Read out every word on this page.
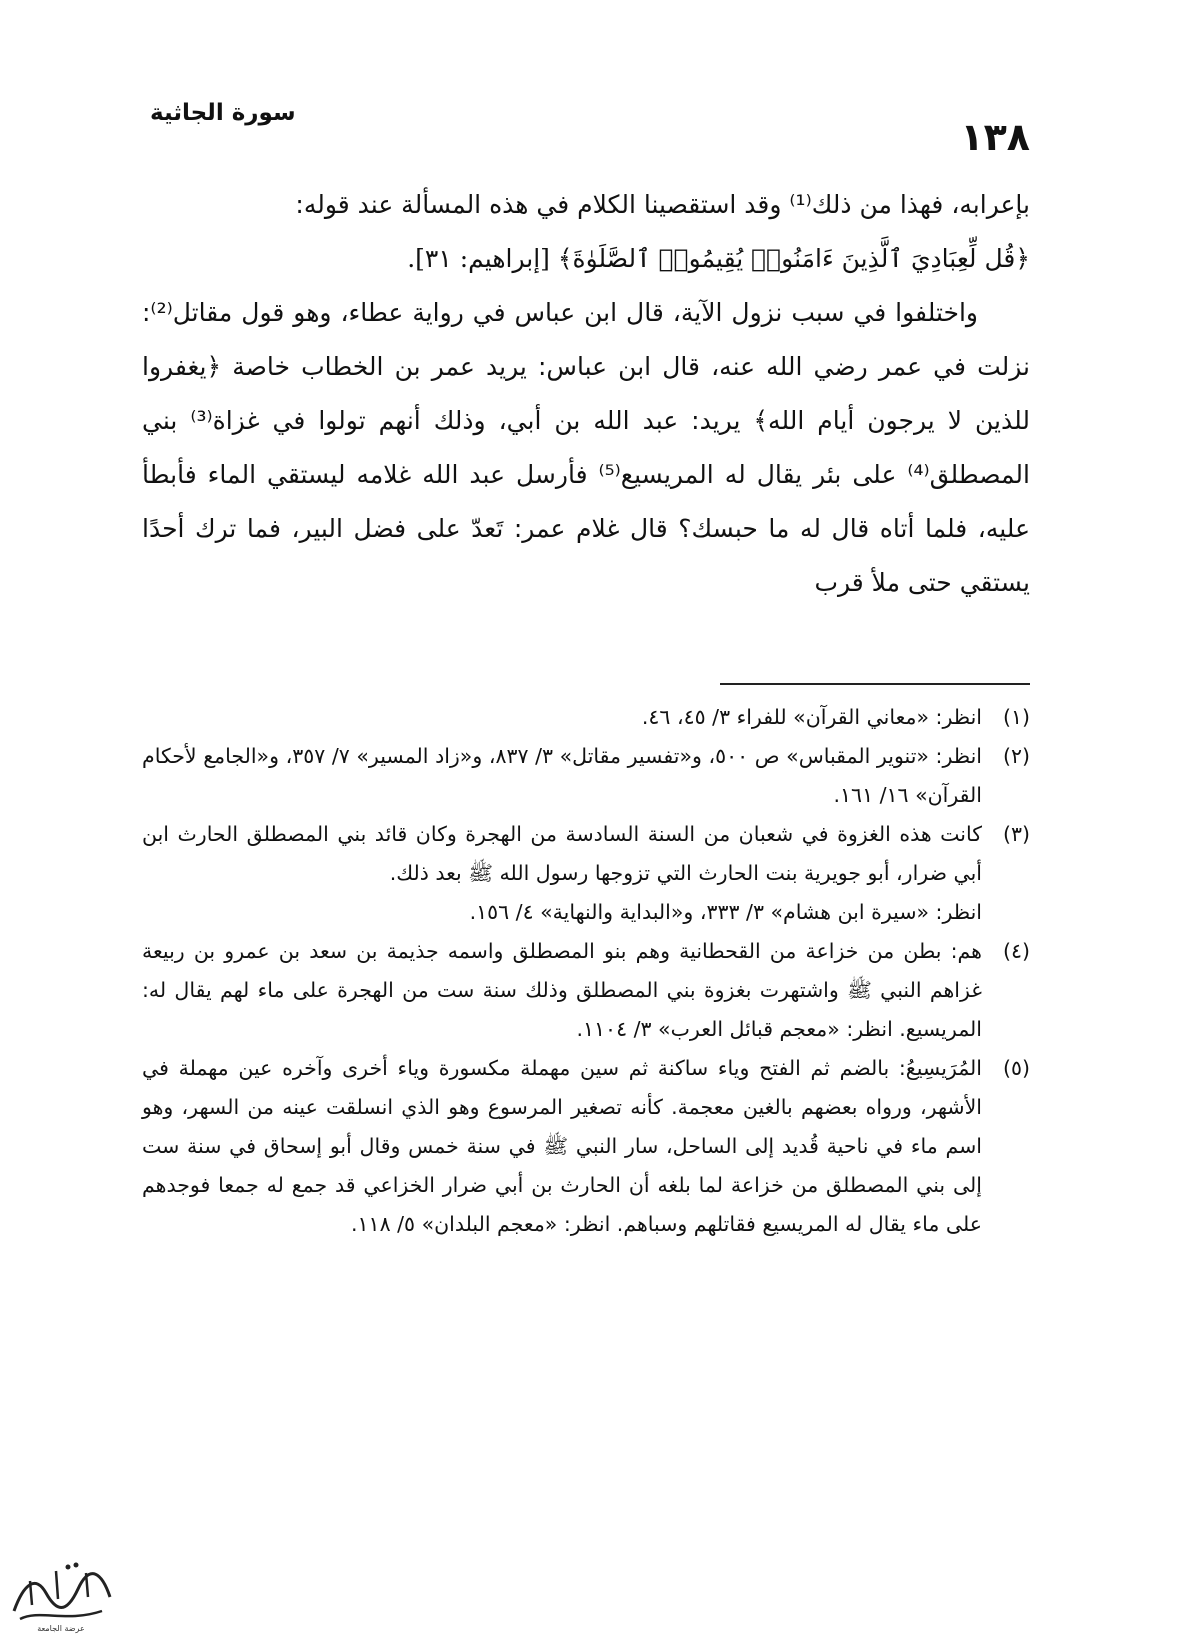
١٣٨
سورة الجاثية

بإعرابه، فهذا من ذلك⁽¹⁾ وقد استقصينا الكلام في هذه المسألة عند قوله:

﴿قُل لِّعِبَادِيَ ٱلَّذِينَ ءَامَنُوا۟ يُقِيمُوا۟ ٱلصَّلَوٰةَ﴾ [إبراهيم: ٣١].

واختلفوا في سبب نزول الآية، قال ابن عباس في رواية عطاء، وهو قول مقاتل⁽²⁾: نزلت في عمر رضي الله عنه، قال ابن عباس: يريد عمر بن الخطاب خاصة ﴿يغفروا للذين لا يرجون أيام الله﴾ يريد: عبد الله بن أبي، وذلك أنهم تولوا في غزاة⁽³⁾ بني المصطلق⁽⁴⁾ على بئر يقال له المريسيع⁽⁵⁾ فأرسل عبد الله غلامه ليستقي الماء فأبطأ عليه، فلما أتاه قال له ما حبسك؟ قال غلام عمر: تَعدّ على فضل البير، فما ترك أحدًا يستقي حتى ملأ قرب

(١)
انظر: «معاني القرآن» للفراء ٣/ ٤٥، ٤٦.

(٢)
انظر: «تنوير المقباس» ص ٥٠٠، و«تفسير مقاتل» ٣/ ٨٣٧، و«زاد المسير» ٧/ ٣٥٧، و«الجامع لأحكام القرآن» ١٦/ ١٦١.

(٣)
كانت هذه الغزوة في شعبان من السنة السادسة من الهجرة وكان قائد بني المصطلق الحارث ابن أبي ضرار، أبو جويرية بنت الحارث التي تزوجها رسول الله ﷺ بعد ذلك.

انظر: «سيرة ابن هشام» ٣/ ٣٣٣، و«البداية والنهاية» ٤/ ١٥٦.

(٤)
هم: بطن من خزاعة من القحطانية وهم بنو المصطلق واسمه جذيمة بن سعد بن عمرو بن ربيعة غزاهم النبي ﷺ واشتهرت بغزوة بني المصطلق وذلك سنة ست من الهجرة على ماء لهم يقال له: المريسيع. انظر: «معجم قبائل العرب» ٣/ ١١٠٤.

(٥)
المُرَيسِيعُ: بالضم ثم الفتح وياء ساكنة ثم سين مهملة مكسورة وياء أخرى وآخره عين مهملة في الأشهر، ورواه بعضهم بالغين معجمة. كأنه تصغير المرسوع وهو الذي انسلقت عينه من السهر، وهو اسم ماء في ناحية قُديد إلى الساحل، سار النبي ﷺ في سنة خمس وقال أبو إسحاق في سنة ست إلى بني المصطلق من خزاعة لما بلغه أن الحارث بن أبي ضرار الخزاعي قد جمع له جمعا فوجدهم على ماء يقال له المريسيع فقاتلهم وسباهم. انظر: «معجم البلدان» ٥/ ١١٨.

عرضة الجامعة
